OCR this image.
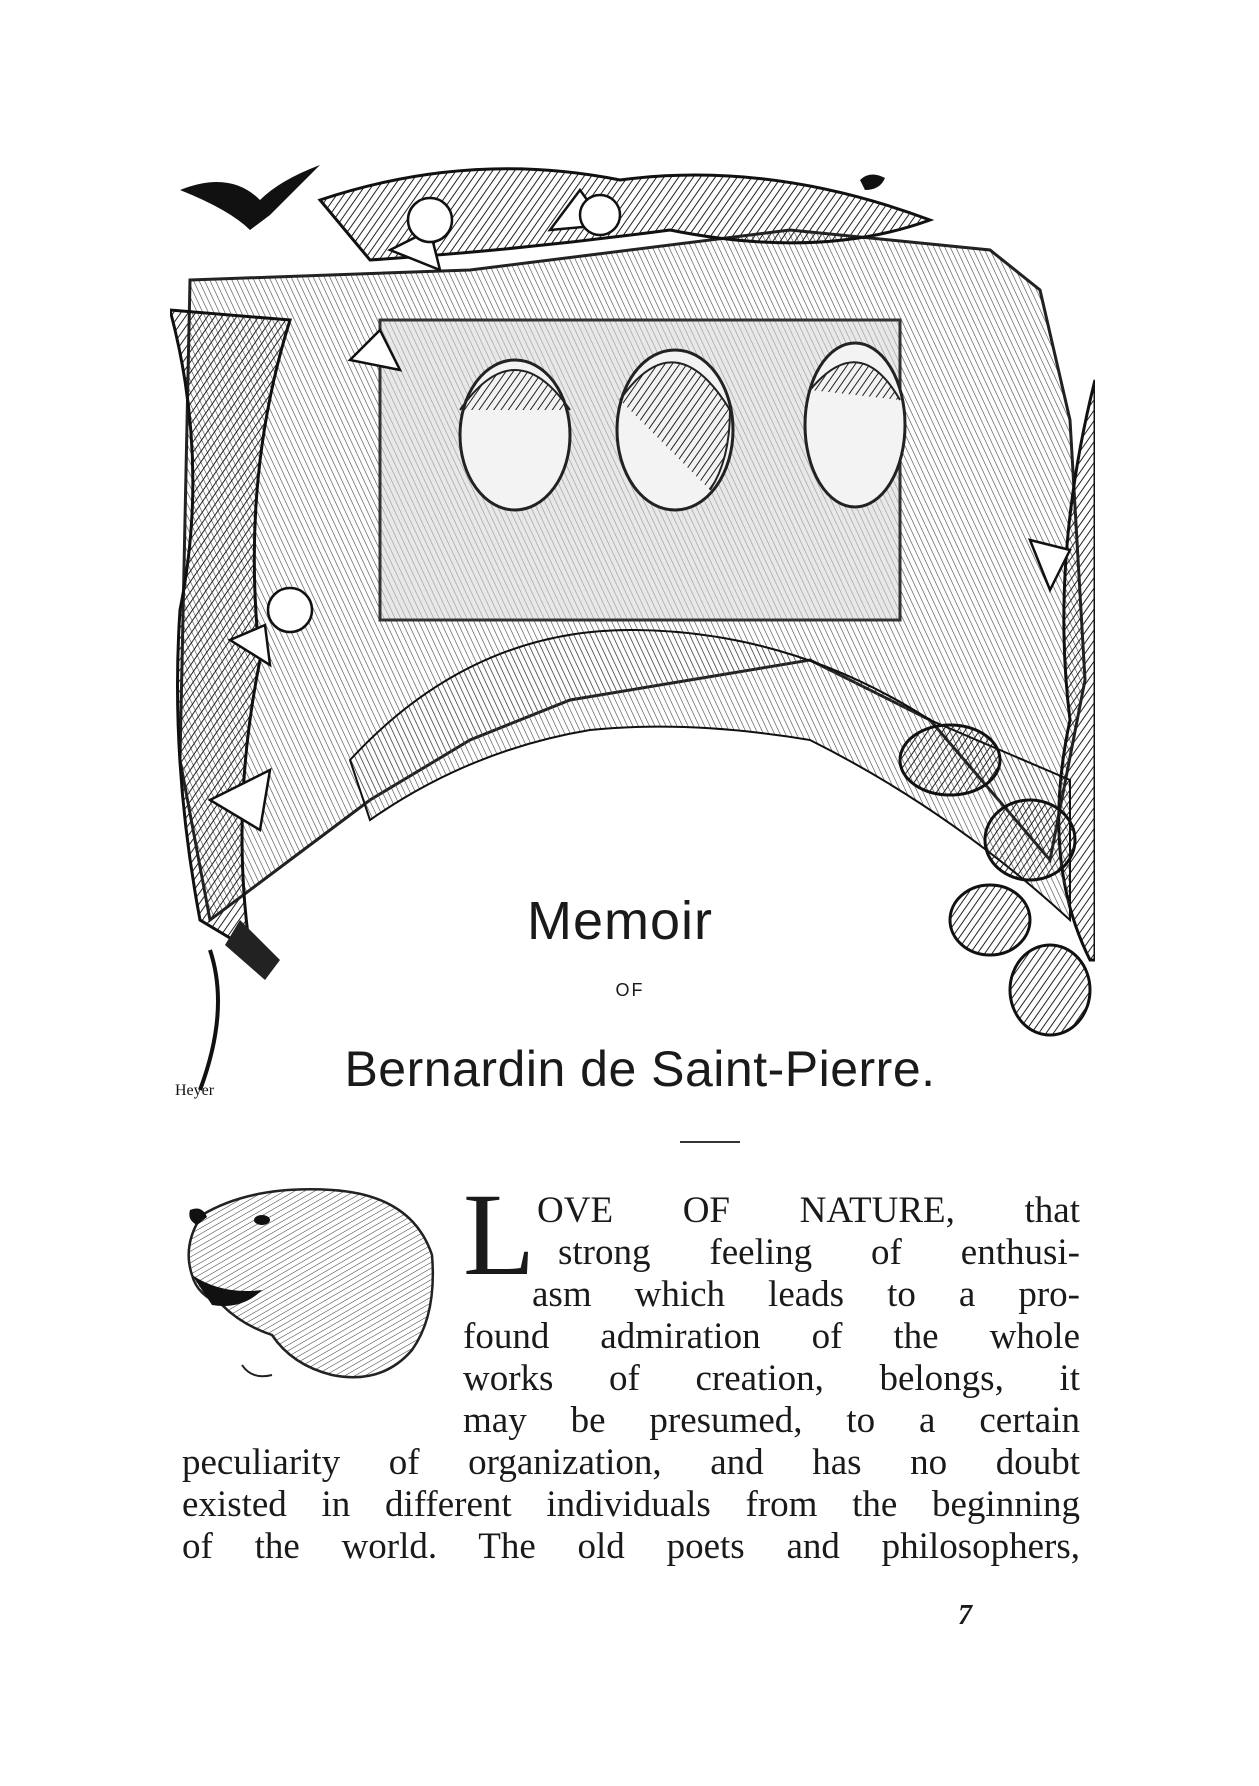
Heyer
Memoir
OF
Bernardin de Saint-Pierre.
L OVE OF NATURE, that
strong feeling of enthusi-
asm which leads to a pro-
found admiration of the whole
works of creation, belongs, it
may be presumed, to a certain
peculiarity of organization, and has no doubt
existed in different individuals from the beginning
of the world. The old poets and philosophers,
7
